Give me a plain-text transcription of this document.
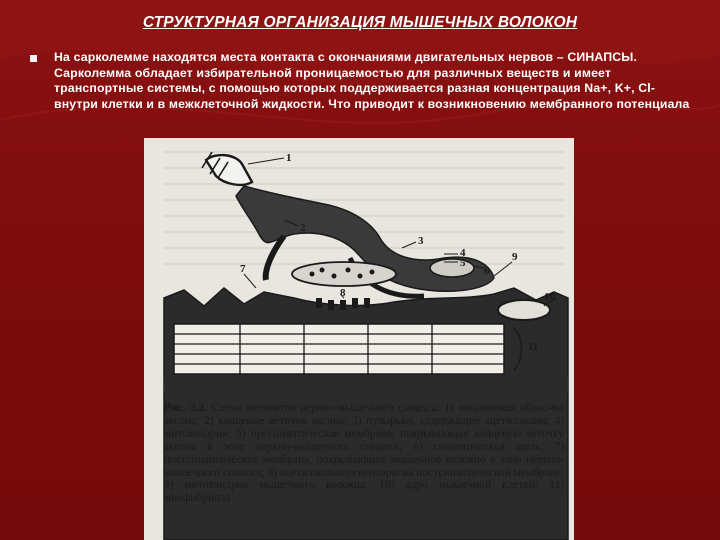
СТРУКТУРНАЯ ОРГАНИЗАЦИЯ МЫШЕЧНЫХ ВОЛОКОН
На сарколемме находятся места контакта с окончаниями двигательных нервов – СИНАПСЫ. Сарколемма обладает избирательной проницаемостью для различных веществ и имеет транспортные системы, с помощью которых поддерживается разная концентрация Na+, K+, Cl- внутри клетки и в межклеточной жидкости. Что приводит к возникновению мембранного потенциала
1
2
3
4
5
6
7
8
9
10
11
Рис. 3.2. Схема элементов нервно-мышечного синапса: 1) миэлиновая оболочка аксона; 2) концевые веточки аксона; 3) пузырьки, содержащие ацетилхолин; 4) митохондрия; 5) пресинаптическая мембрана, покрывающая концевую веточку аксона в зоне нервно-мышечного синапса; 6) синаптическая щель; 7) постсинаптическая мембрана, покрывающая мышечное волокно в зоне нервно-мышечного синапса; 8) ацетилхолинорецепторы на постсинаптической мембране; 9) митохондрия мышечного волокна; 10) ядро мышечной клетки; 11) миофибрилла
